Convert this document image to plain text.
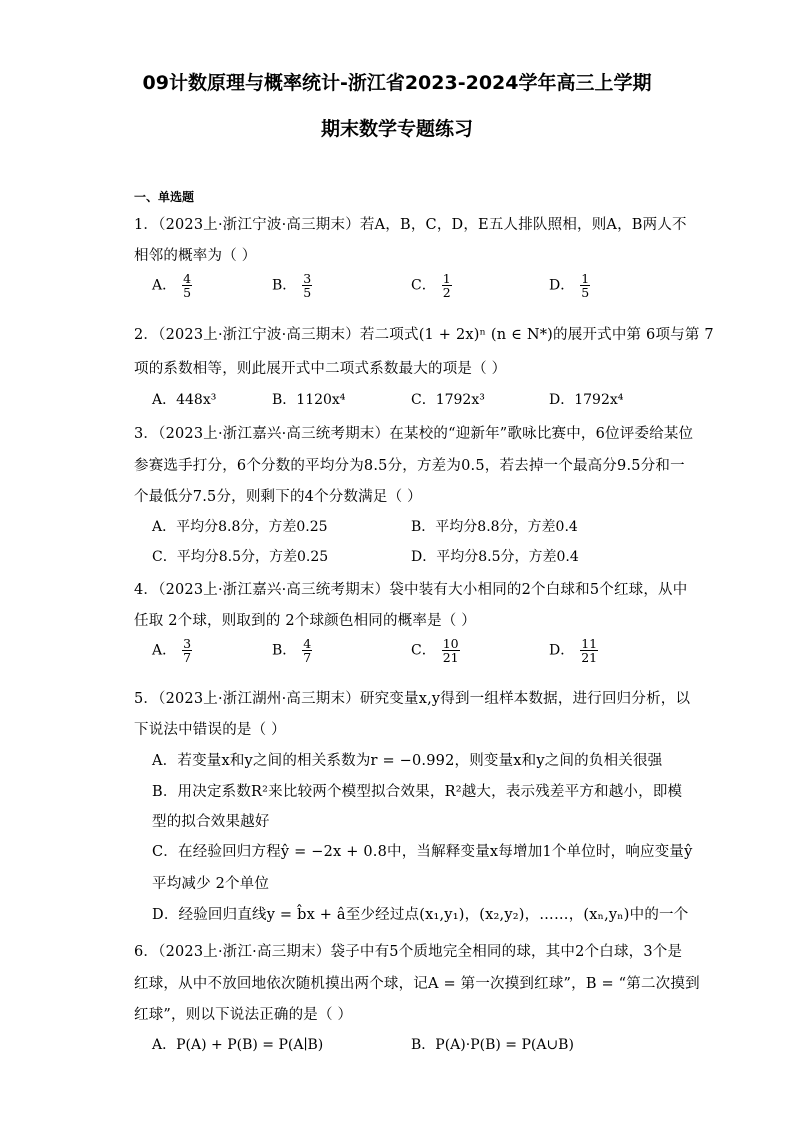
09计数原理与概率统计-浙江省2023-2024学年高三上学期
期末数学专题练习
一、单选题
1．（2023上·浙江宁波·高三期末）若A，B，C，D，E五人排队照相，则A，B两人不
相邻的概率为（ ）
A． $\frac{4}{5}$	B． $\frac{3}{5}$	C． $\frac{1}{2}$	D． $\frac{1}{5}$
2．（2023上·浙江宁波·高三期末）若二项式(1 + 2x)ⁿ (n ∈ N*)的展开式中第 6项与第 7
项的系数相等，则此展开式中二项式系数最大的项是（ ）
A．448x³	B．1120x⁴	C．1792x³	D．1792x⁴
3．（2023上·浙江嘉兴·高三统考期末）在某校的“迎新年”歌咏比赛中，6位评委给某位
参赛选手打分，6个分数的平均分为8.5分，方差为0.5，若去掉一个最高分9.5分和一
个最低分7.5分，则剩下的4个分数满足（ ）
A．平均分8.8分，方差0.25	B．平均分8.8分，方差0.4
C．平均分8.5分，方差0.25	D．平均分8.5分，方差0.4
4．（2023上·浙江嘉兴·高三统考期末）袋中装有大小相同的2个白球和5个红球，从中
任取 2个球，则取到的 2个球颜色相同的概率是（ ）
A． $\frac{3}{7}$	B． $\frac{4}{7}$	C． $\frac{10}{21}$	D． $\frac{11}{21}$
5．（2023上·浙江湖州·高三期末）研究变量x,y得到一组样本数据，进行回归分析，以
下说法中错误的是（ ）
A．若变量x和y之间的相关系数为r = −0.992，则变量x和y之间的负相关很强
B．用决定系数R²来比较两个模型拟合效果，R²越大，表示残差平方和越小，即模
型的拟合效果越好
C．在经验回归方程ŷ = −2x + 0.8中，当解释变量x每增加1个单位时，响应变量ŷ
平均减少 2个单位
D．经验回归直线y = b̂x + â至少经过点(x₁,y₁)，(x₂,y₂)，……，(xₙ,yₙ)中的一个
6．（2023上·浙江·高三期末）袋子中有5个质地完全相同的球，其中2个白球，3个是
红球，从中不放回地依次随机摸出两个球，记A = 第一次摸到红球”，B = “第二次摸到
红球”，则以下说法正确的是（ ）
A．P(A) + P(B) = P(A∣B)	B．P(A)·P(B) = P(A∪B)
